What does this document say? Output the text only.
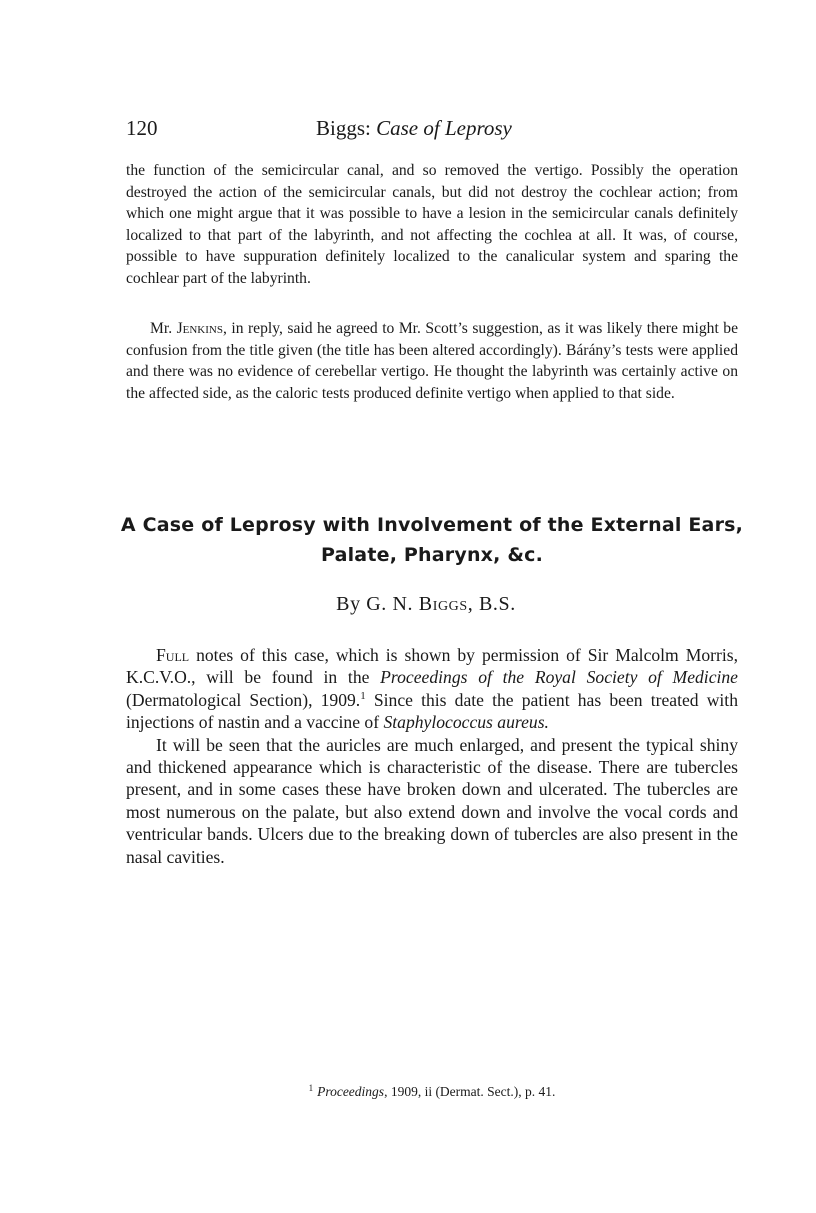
120	Biggs: Case of Leprosy

the function of the semicircular canal, and so removed the vertigo. Possibly the operation destroyed the action of the semicircular canals, but did not destroy the cochlear action; from which one might argue that it was possible to have a lesion in the semicircular canals definitely localized to that part of the labyrinth, and not affecting the cochlea at all. It was, of course, possible to have suppuration definitely localized to the canalicular system and sparing the cochlear part of the labyrinth.

Mr. Jenkins, in reply, said he agreed to Mr. Scott’s suggestion, as it was likely there might be confusion from the title given (the title has been altered accordingly). Bárány’s tests were applied and there was no evidence of cerebellar vertigo. He thought the labyrinth was certainly active on the affected side, as the caloric tests produced definite vertigo when applied to that side.

A Case of Leprosy with Involvement of the External Ears,
Palate, Pharynx, &c.
By G. N. Biggs, B.S.

Full notes of this case, which is shown by permission of Sir Malcolm Morris, K.C.V.O., will be found in the Proceedings of the Royal Society of Medicine (Dermatological Section), 1909.$^1$ Since this date the patient has been treated with injections of nastin and a vaccine of Staphylococcus aureus.

It will be seen that the auricles are much enlarged, and present the typical shiny and thickened appearance which is characteristic of the disease. There are tubercles present, and in some cases these have broken down and ulcerated. The tubercles are most numerous on the palate, but also extend down and involve the vocal cords and ventricular bands. Ulcers due to the breaking down of tubercles are also present in the nasal cavities.

$^1$ Proceedings, 1909, ii (Dermat. Sect.), p. 41.
